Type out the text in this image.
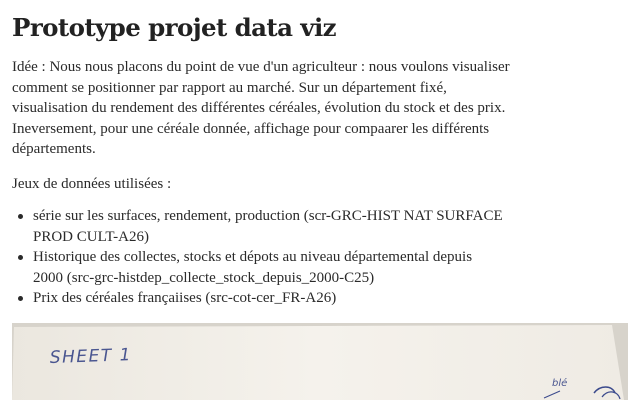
Prototype projet data viz
Idée : Nous nous placons du point de vue d'un agriculteur : nous voulons visualiser
comment se positionner par rapport au marché. Sur un département fixé,
visualisation du rendement des différentes céréales, évolution du stock et des prix.
Ineversement, pour une céréale donnée, affichage pour compaarer les différents
départements.
Jeux de données utilisées :
série sur les surfaces, rendement, production (scr-GRC-HIST NAT SURFACE
PROD CULT-A26)
Historique des collectes, stocks et dépots au niveau départemental depuis
2000 (src-grc-histdep_collecte_stock_depuis_2000-C25)
Prix des céréales françaiises (src-cot-cer_FR-A26)
SHEET 1
blé
